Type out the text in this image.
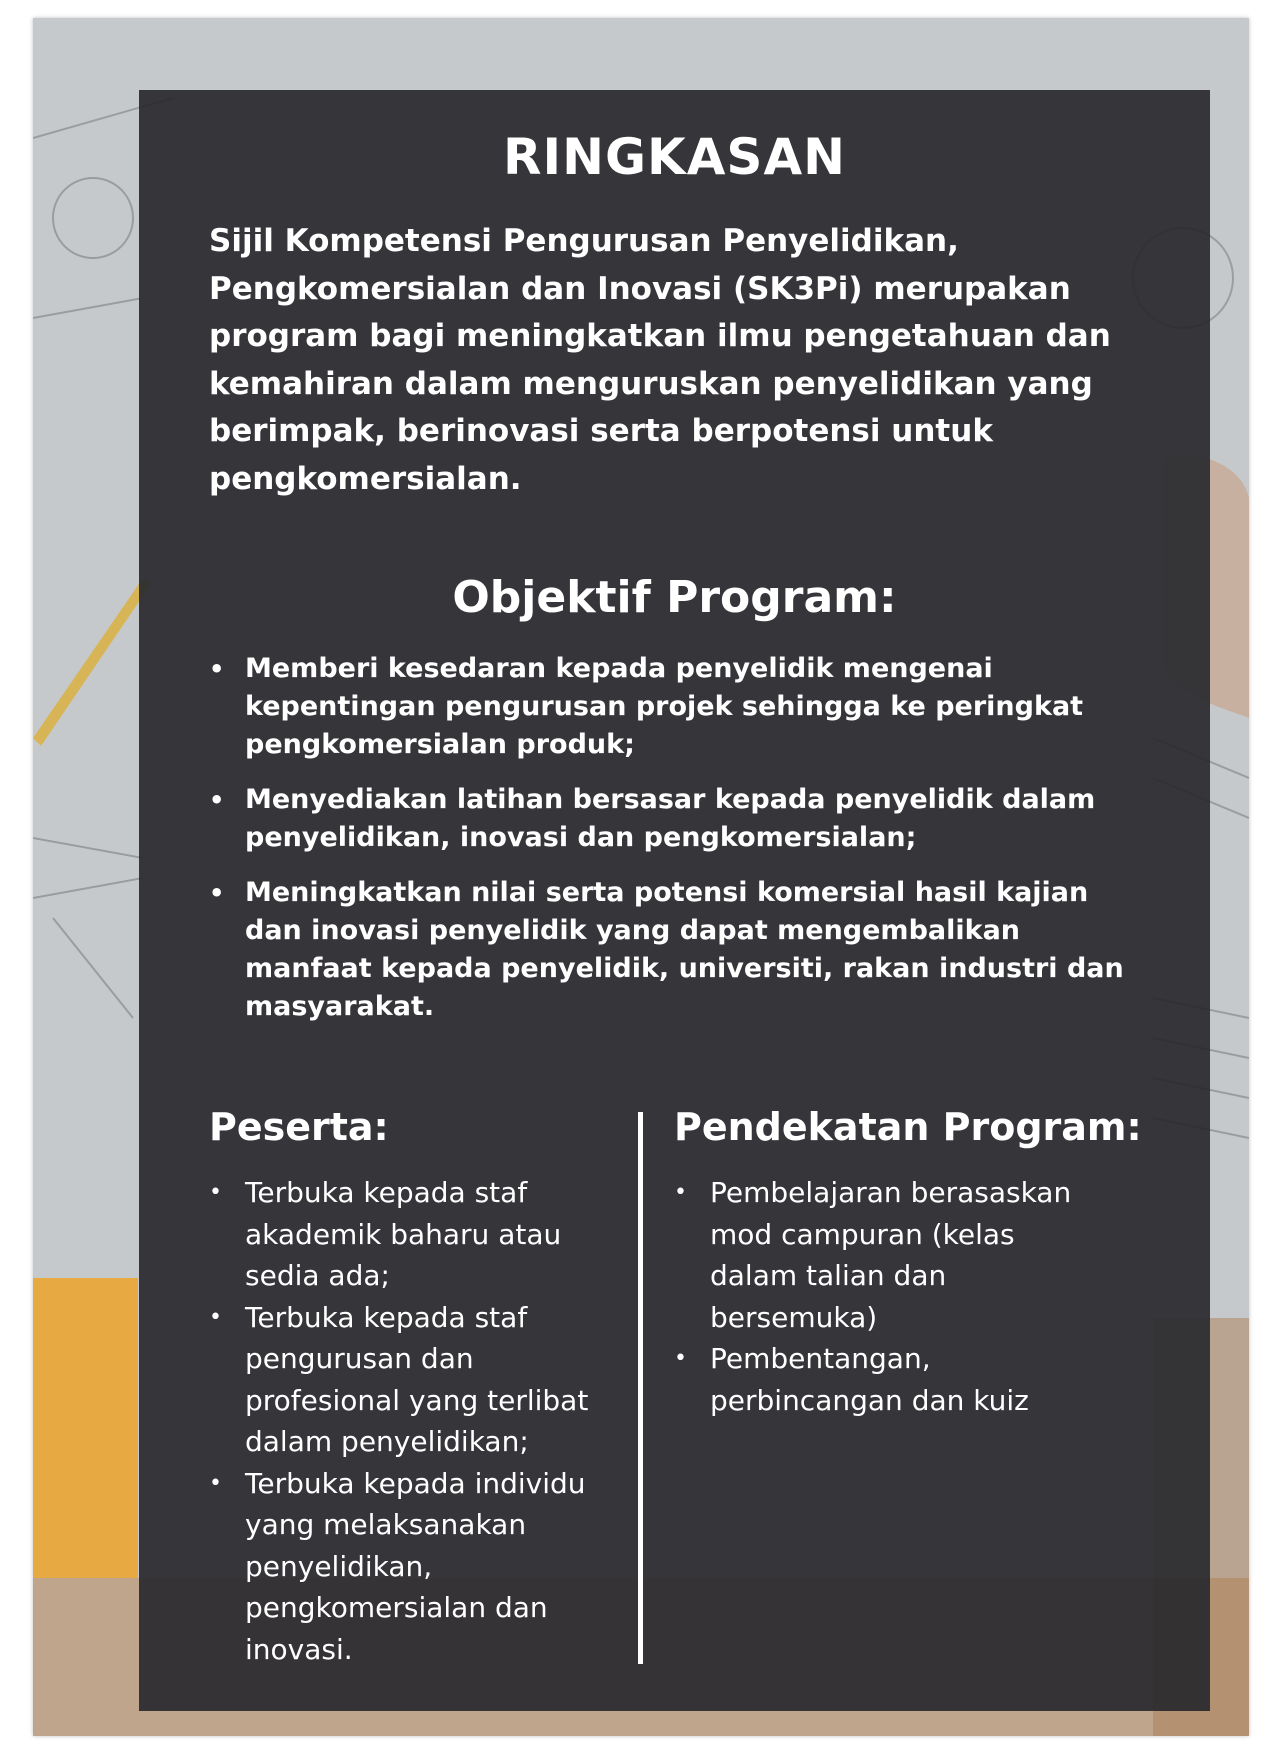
RINGKASAN

Sijil Kompetensi Pengurusan Penyelidikan, Pengkomersialan dan Inovasi (SK3Pi) merupakan program bagi meningkatkan ilmu pengetahuan dan kemahiran dalam menguruskan penyelidikan yang berimpak, berinovasi serta berpotensi untuk pengkomersialan.

Objektif Program:
• Memberi kesedaran kepada penyelidik mengenai kepentingan pengurusan projek sehingga ke peringkat pengkomersialan produk;
• Menyediakan latihan bersasar kepada penyelidik dalam penyelidikan, inovasi dan pengkomersialan;
• Meningkatkan nilai serta potensi komersial hasil kajian dan inovasi penyelidik yang dapat mengembalikan manfaat kepada penyelidik, universiti, rakan industri dan masyarakat.
Peserta:
• Terbuka kepada staf akademik baharu atau sedia ada;
• Terbuka kepada staf pengurusan dan profesional yang terlibat dalam penyelidikan;
• Terbuka kepada individu yang melaksanakan penyelidikan, pengkomersialan dan inovasi.
Pendekatan Program:
• Pembelajaran berasaskan mod campuran (kelas dalam talian dan bersemuka)
• Pembentangan, perbincangan dan kuiz
